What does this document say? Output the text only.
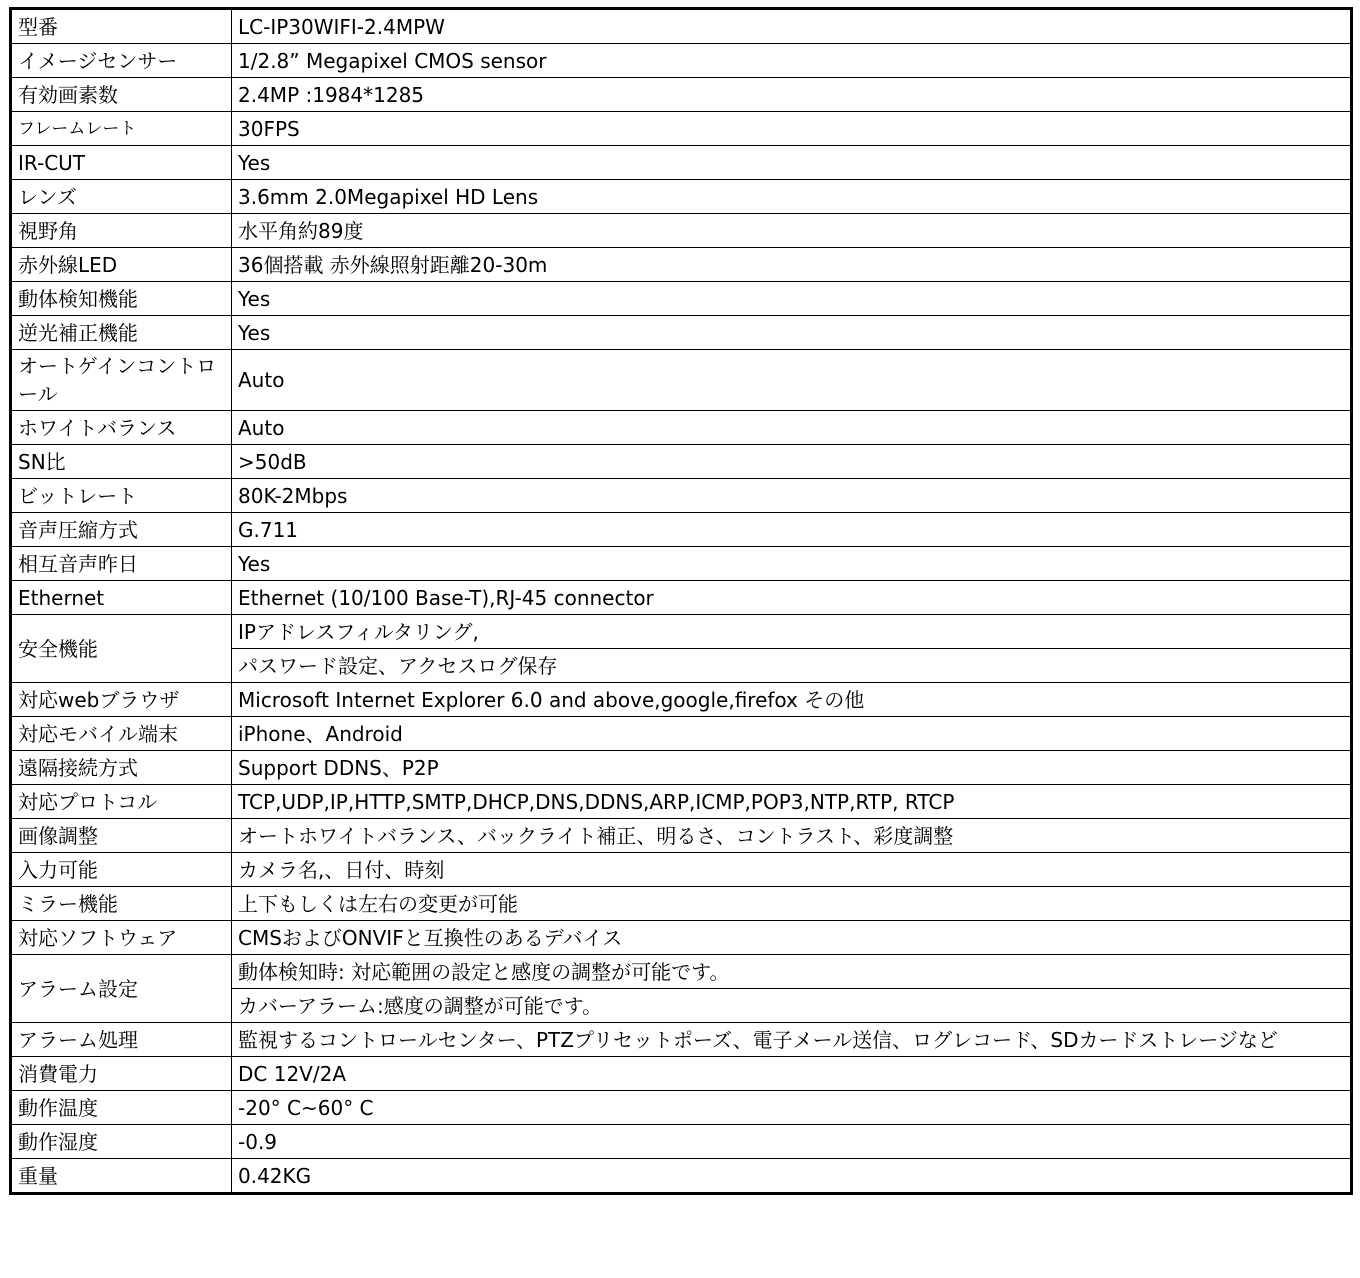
型番	LC-IP30WIFI-2.4MPW
イメージセンサー	1/2.8” Megapixel CMOS sensor
有効画素数	2.4MP :1984*1285
フレームレート	30FPS
IR-CUT	Yes
レンズ	3.6mm 2.0Megapixel HD Lens
視野角	水平角約89度
赤外線LED	36個搭載 赤外線照射距離20-30m
動体検知機能	Yes
逆光補正機能	Yes
オートゲインコントロール	Auto
ホワイトバランス	Auto
SN比	>50dB
ビットレート	80K-2Mbps
音声圧縮方式	G.711
相互音声昨日	Yes
Ethernet	Ethernet (10/100 Base-T),RJ-45 connector
安全機能	IPアドレスフィルタリング,
	パスワード設定、アクセスログ保存
対応webブラウザ	Microsoft Internet Explorer 6.0 and above,google,firefox その他
対応モバイル端末	iPhone、Android
遠隔接続方式	Support DDNS、P2P
対応プロトコル	TCP,UDP,IP,HTTP,SMTP,DHCP,DNS,DDNS,ARP,ICMP,POP3,NTP,RTP, RTCP
画像調整	オートホワイトバランス、バックライト補正、明るさ、コントラスト、彩度調整
入力可能	カメラ名,、日付、時刻
ミラー機能	上下もしくは左右の変更が可能
対応ソフトウェア	CMSおよびONVIFと互換性のあるデバイス
アラーム設定	動体検知時: 対応範囲の設定と感度の調整が可能です。
	カバーアラーム:感度の調整が可能です。
アラーム処理	監視するコントロールセンター、PTZプリセットポーズ、電子メール送信、ログレコード、SDカードストレージなど
消費電力	DC 12V/2A
動作温度	-20° C~60° C
動作湿度	-0.9
重量	0.42KG
